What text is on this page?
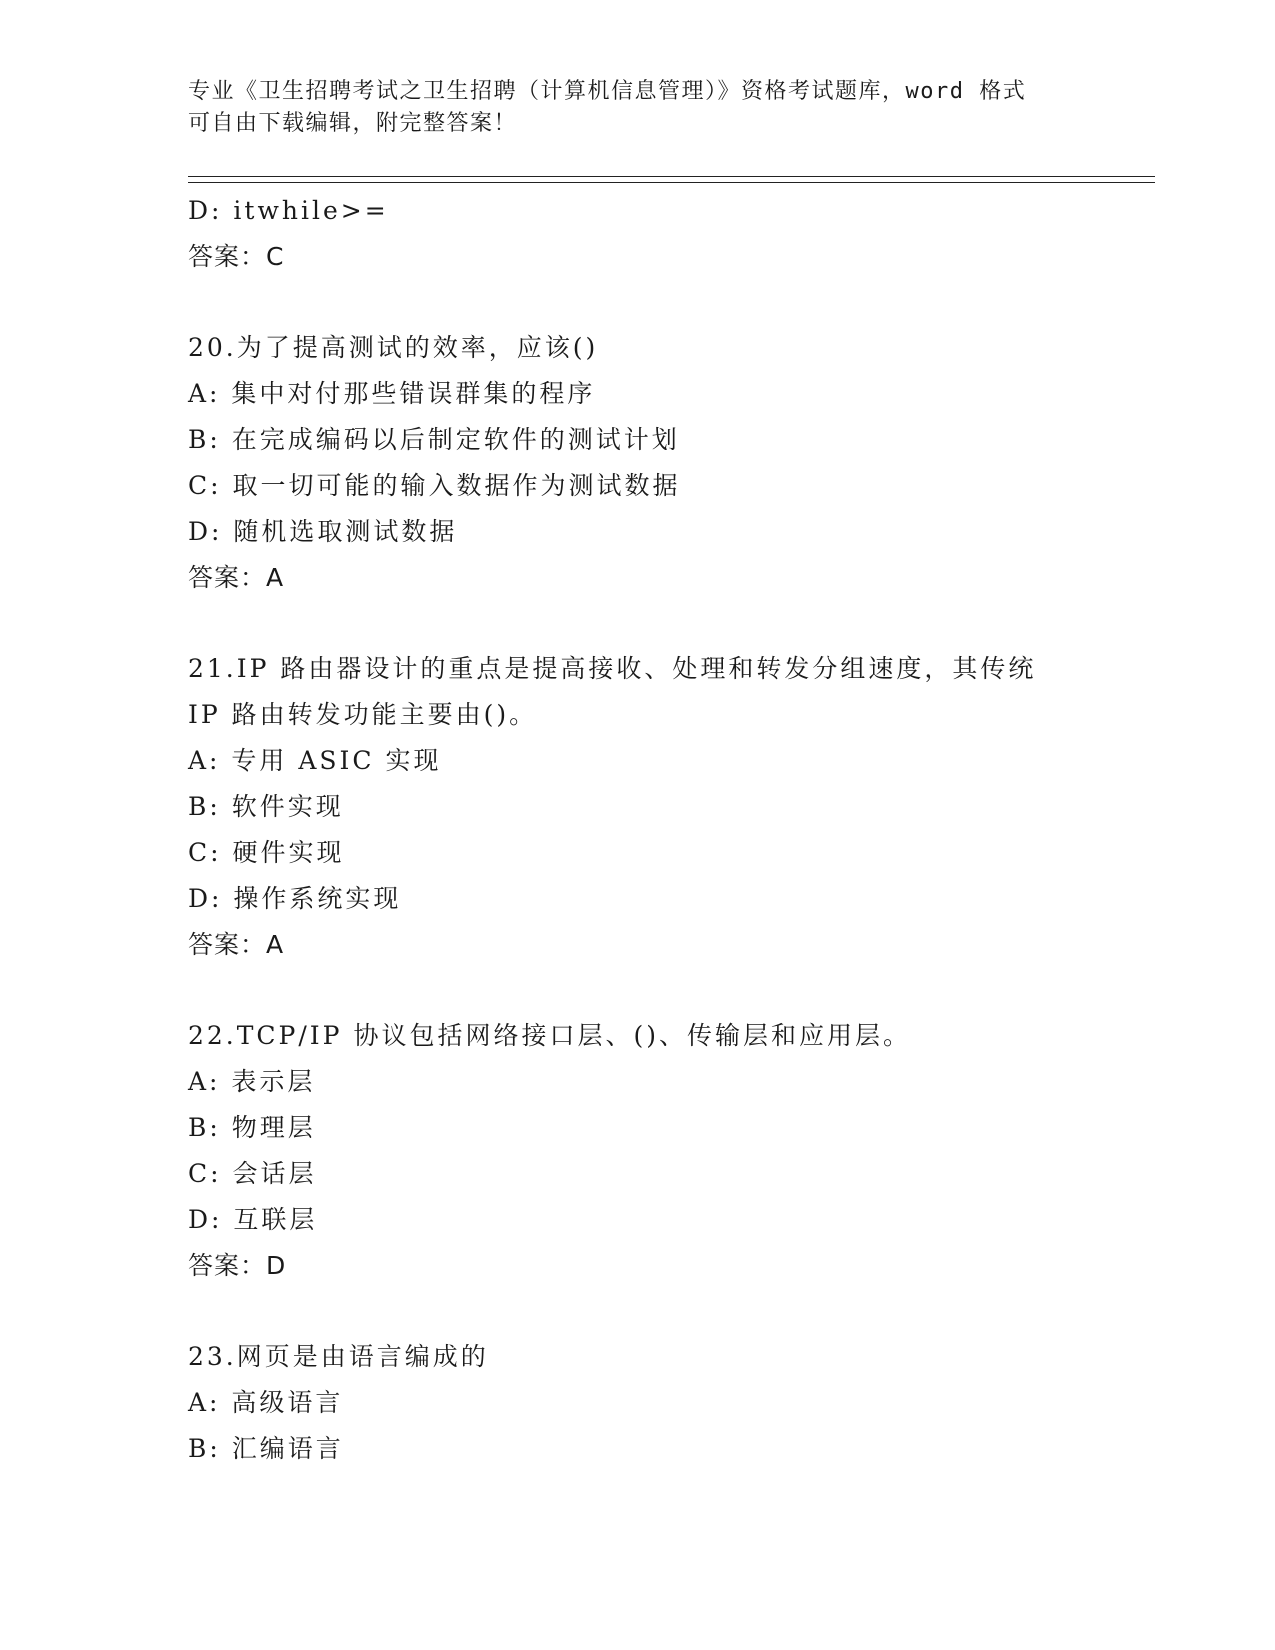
专业《卫生招聘考试之卫生招聘（计算机信息管理）》资格考试题库，word 格式
可自由下载编辑，附完整答案！
D: itwhile>=
答案：C
20.为了提高测试的效率，应该()
A: 集中对付那些错误群集的程序
B: 在完成编码以后制定软件的测试计划
C: 取一切可能的输入数据作为测试数据
D: 随机选取测试数据
答案：A
21.IP 路由器设计的重点是提高接收、处理和转发分组速度，其传统
IP 路由转发功能主要由()。
A: 专用 ASIC 实现
B: 软件实现
C: 硬件实现
D: 操作系统实现
答案：A
22.TCP/IP 协议包括网络接口层、()、传输层和应用层。
A: 表示层
B: 物理层
C: 会话层
D: 互联层
答案：D
23.网页是由语言编成的
A: 高级语言
B: 汇编语言
